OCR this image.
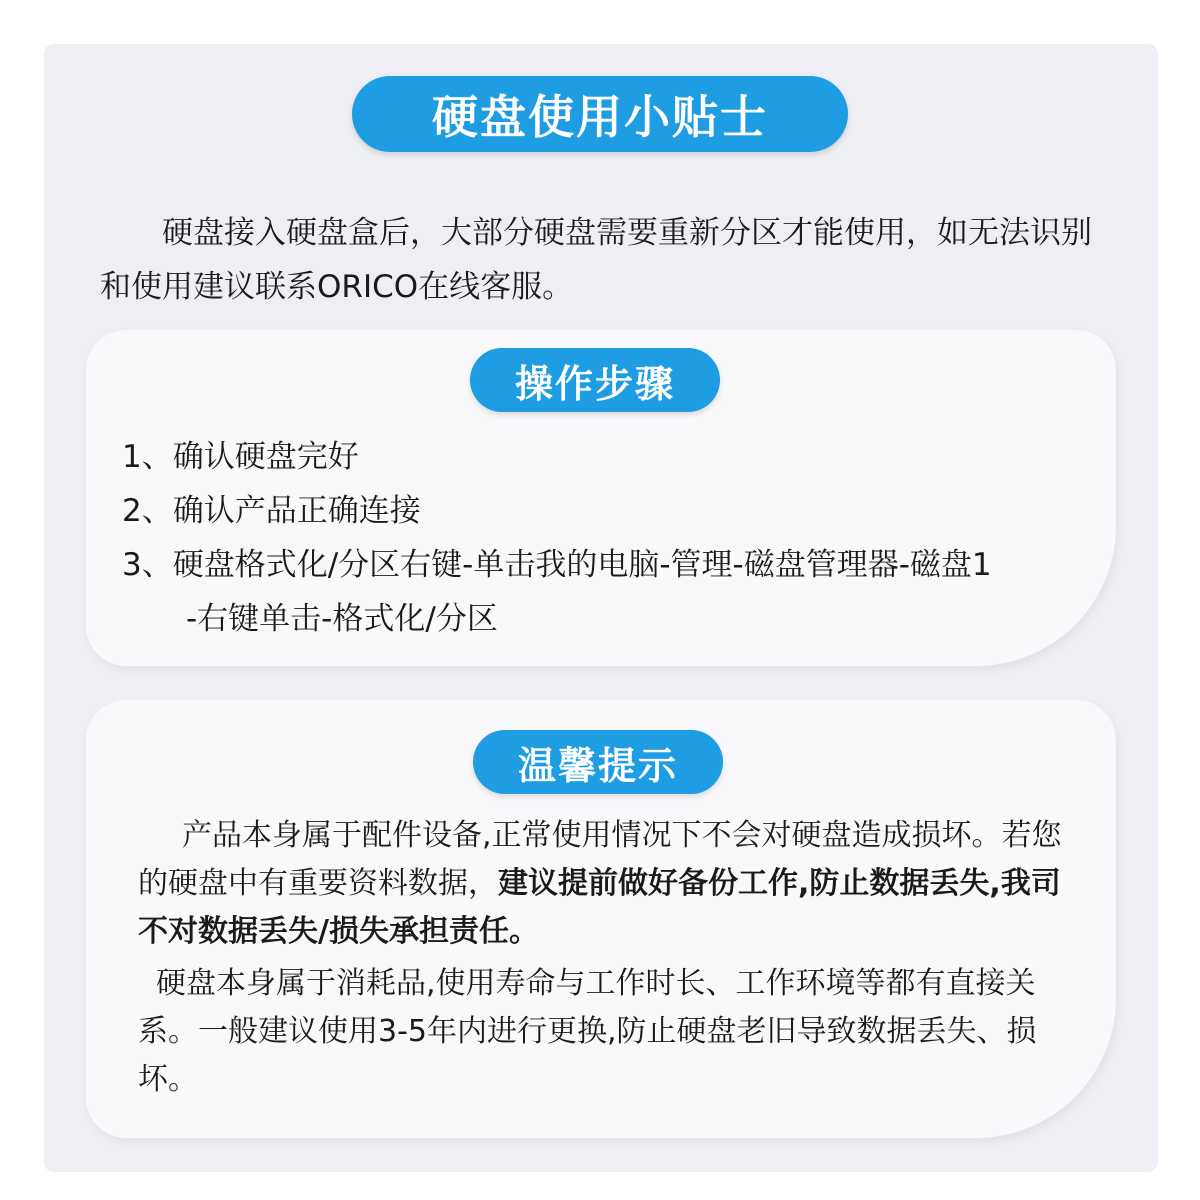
硬盘使用小贴士

　　硬盘接入硬盘盒后，大部分硬盘需要重新分区才能使用，如无法识别和使用建议联系ORICO在线客服。

操作步骤

1、确认硬盘完好

2、确认产品正确连接

3、硬盘格式化/分区右键-单击我的电脑-管理-磁盘管理器-磁盘1

-右键单击-格式化/分区

温馨提示

产品本身属于配件设备,正常使用情况下不会对硬盘造成损坏。若您的硬盘中有重要资料数据，建议提前做好备份工作,防止数据丢失,我司不对数据丢失/损失承担责任。

硬盘本身属于消耗品,使用寿命与工作时长、工作环境等都有直接关系。一般建议使用3-5年内进行更换,防止硬盘老旧导致数据丢失、损坏。
